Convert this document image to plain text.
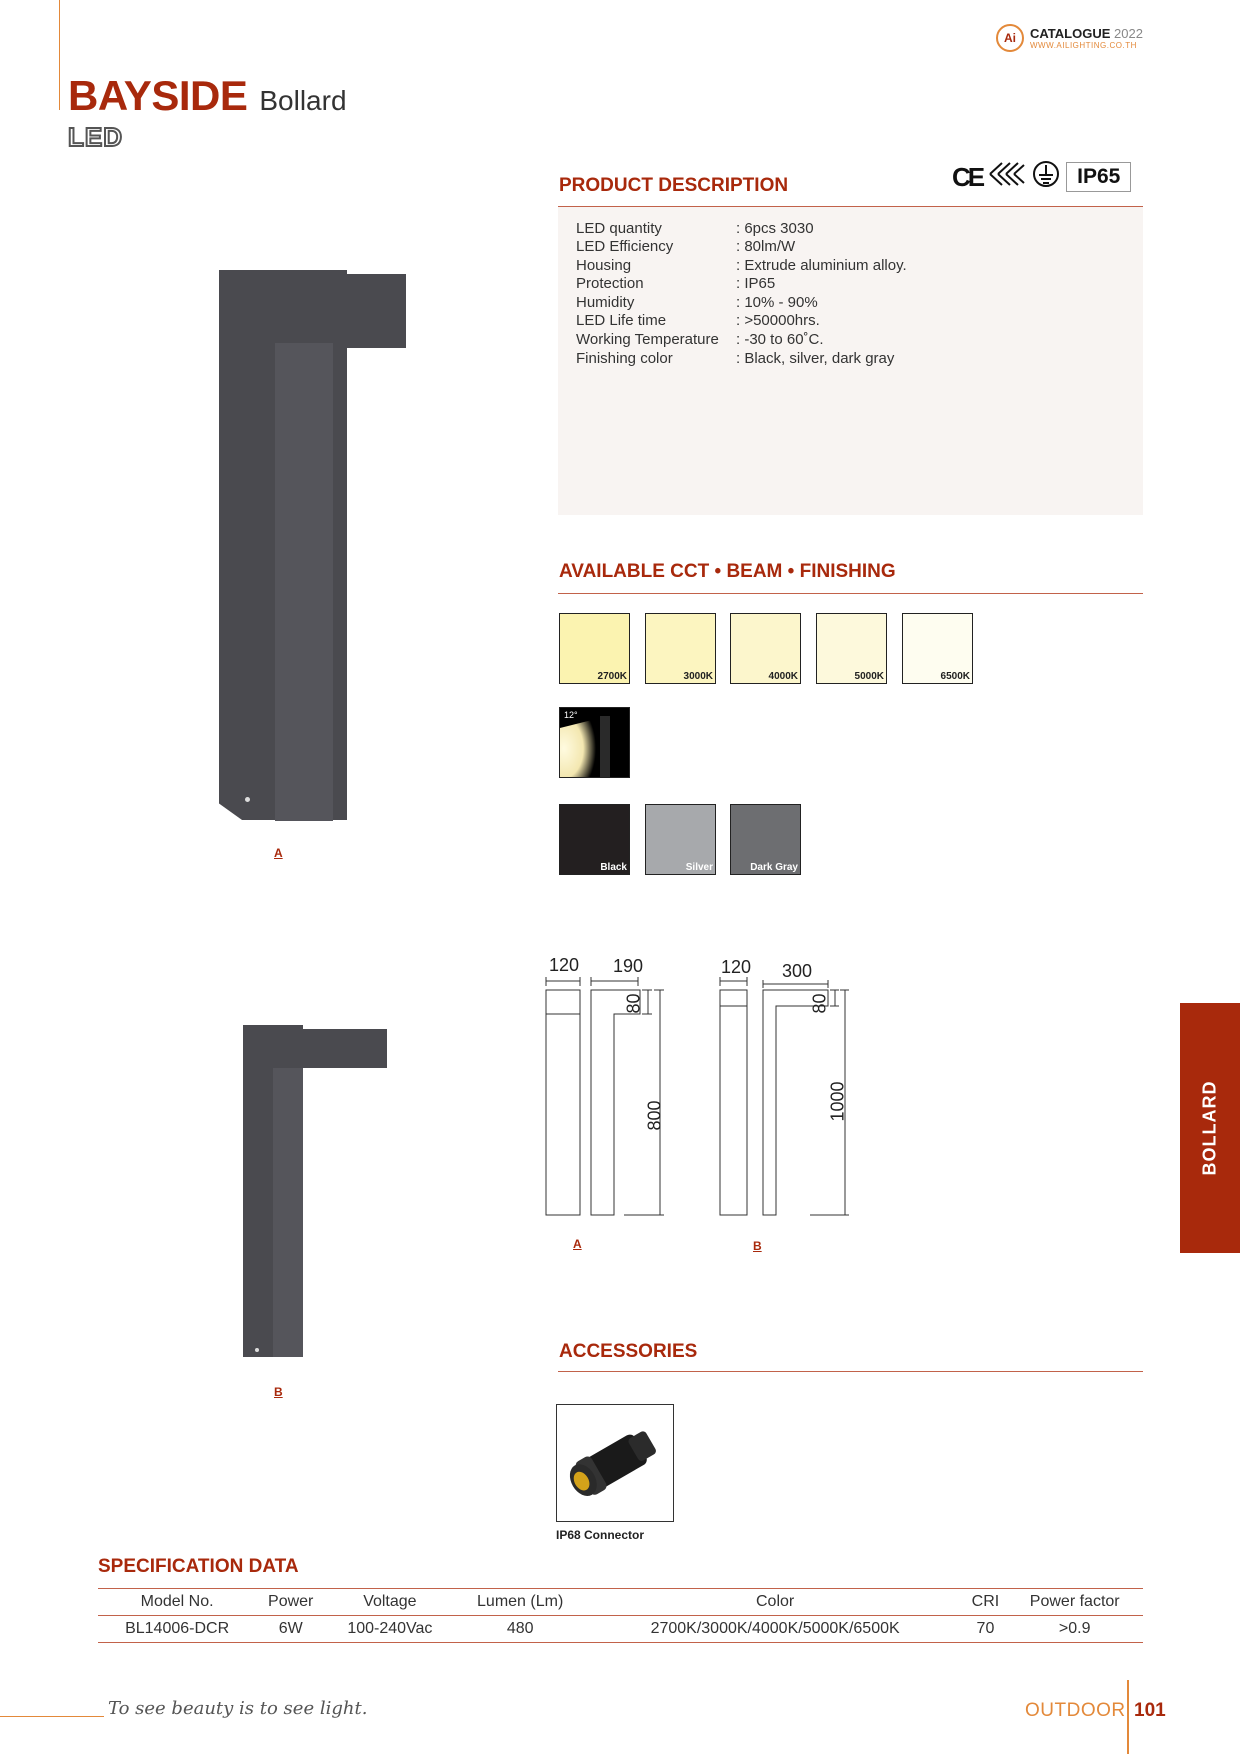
BAYSIDE Bollard
LED
Ai	CATALOGUE 2022
WWW.AILIGHTING.CO.TH
PRODUCT DESCRIPTION	CE	IP65
LED quantity	: 6pcs 3030
LED Efficiency	: 80lm/W
Housing	: Extrude aluminium alloy.
Protection	: IP65
Humidity	: 10% - 90%
LED Life time	: >50000hrs.
Working Temperature	: -30 to 60˚C.
Finishing color	: Black, silver, dark gray
AVAILABLE CCT • BEAM • FINISHING
2700K	3000K	4000K	5000K	6500K
12°
Black	Silver	Dark Gray
A
B
120 190
80
800
120 300
80
1000
A	B
BOLLARD
ACCESSORIES
IP68 Connector
SPECIFICATION DATA
Model No.	Power	Voltage	Lumen (Lm)	Color	CRI	Power factor
BL14006-DCR	6W	100-240Vac	480	2700K/3000K/4000K/5000K/6500K	70	>0.9
To see beauty is to see light.	OUTDOOR 101
